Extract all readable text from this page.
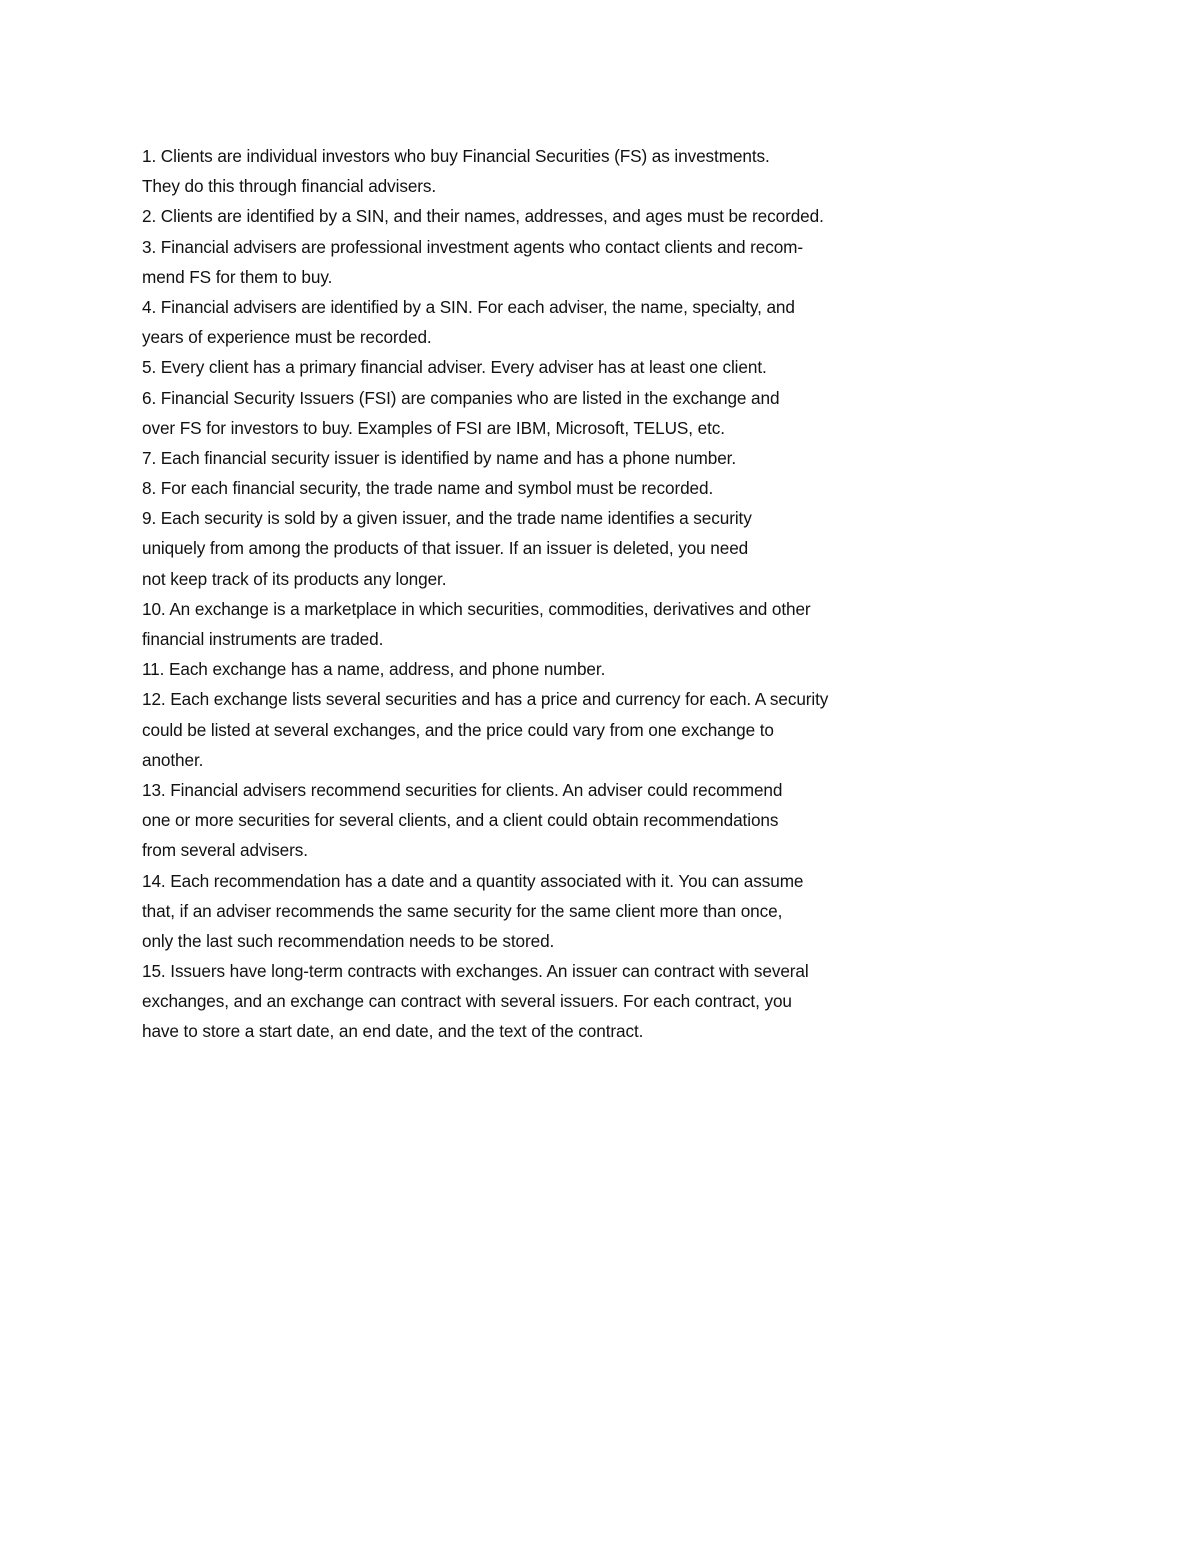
1. Clients are individual investors who buy Financial Securities (FS) as investments.
They do this through financial advisers.
2. Clients are identified by a SIN, and their names, addresses, and ages must be recorded.
3. Financial advisers are professional investment agents who contact clients and recom-
mend FS for them to buy.
4. Financial advisers are identified by a SIN. For each adviser, the name, specialty, and
years of experience must be recorded.
5. Every client has a primary financial adviser. Every adviser has at least one client.
6. Financial Security Issuers (FSI) are companies who are listed in the exchange and
over FS for investors to buy. Examples of FSI are IBM, Microsoft, TELUS, etc.
7. Each financial security issuer is identified by name and has a phone number.
8. For each financial security, the trade name and symbol must be recorded.
9. Each security is sold by a given issuer, and the trade name identifies a security
uniquely from among the products of that issuer. If an issuer is deleted, you need
not keep track of its products any longer.
10. An exchange is a marketplace in which securities, commodities, derivatives and other
financial instruments are traded.
11. Each exchange has a name, address, and phone number.
12. Each exchange lists several securities and has a price and currency for each. A security
could be listed at several exchanges, and the price could vary from one exchange to
another.
13. Financial advisers recommend securities for clients. An adviser could recommend
one or more securities for several clients, and a client could obtain recommendations
from several advisers.
14. Each recommendation has a date and a quantity associated with it. You can assume
that, if an adviser recommends the same security for the same client more than once,
only the last such recommendation needs to be stored.
15. Issuers have long-term contracts with exchanges. An issuer can contract with several
exchanges, and an exchange can contract with several issuers. For each contract, you
have to store a start date, an end date, and the text of the contract.
